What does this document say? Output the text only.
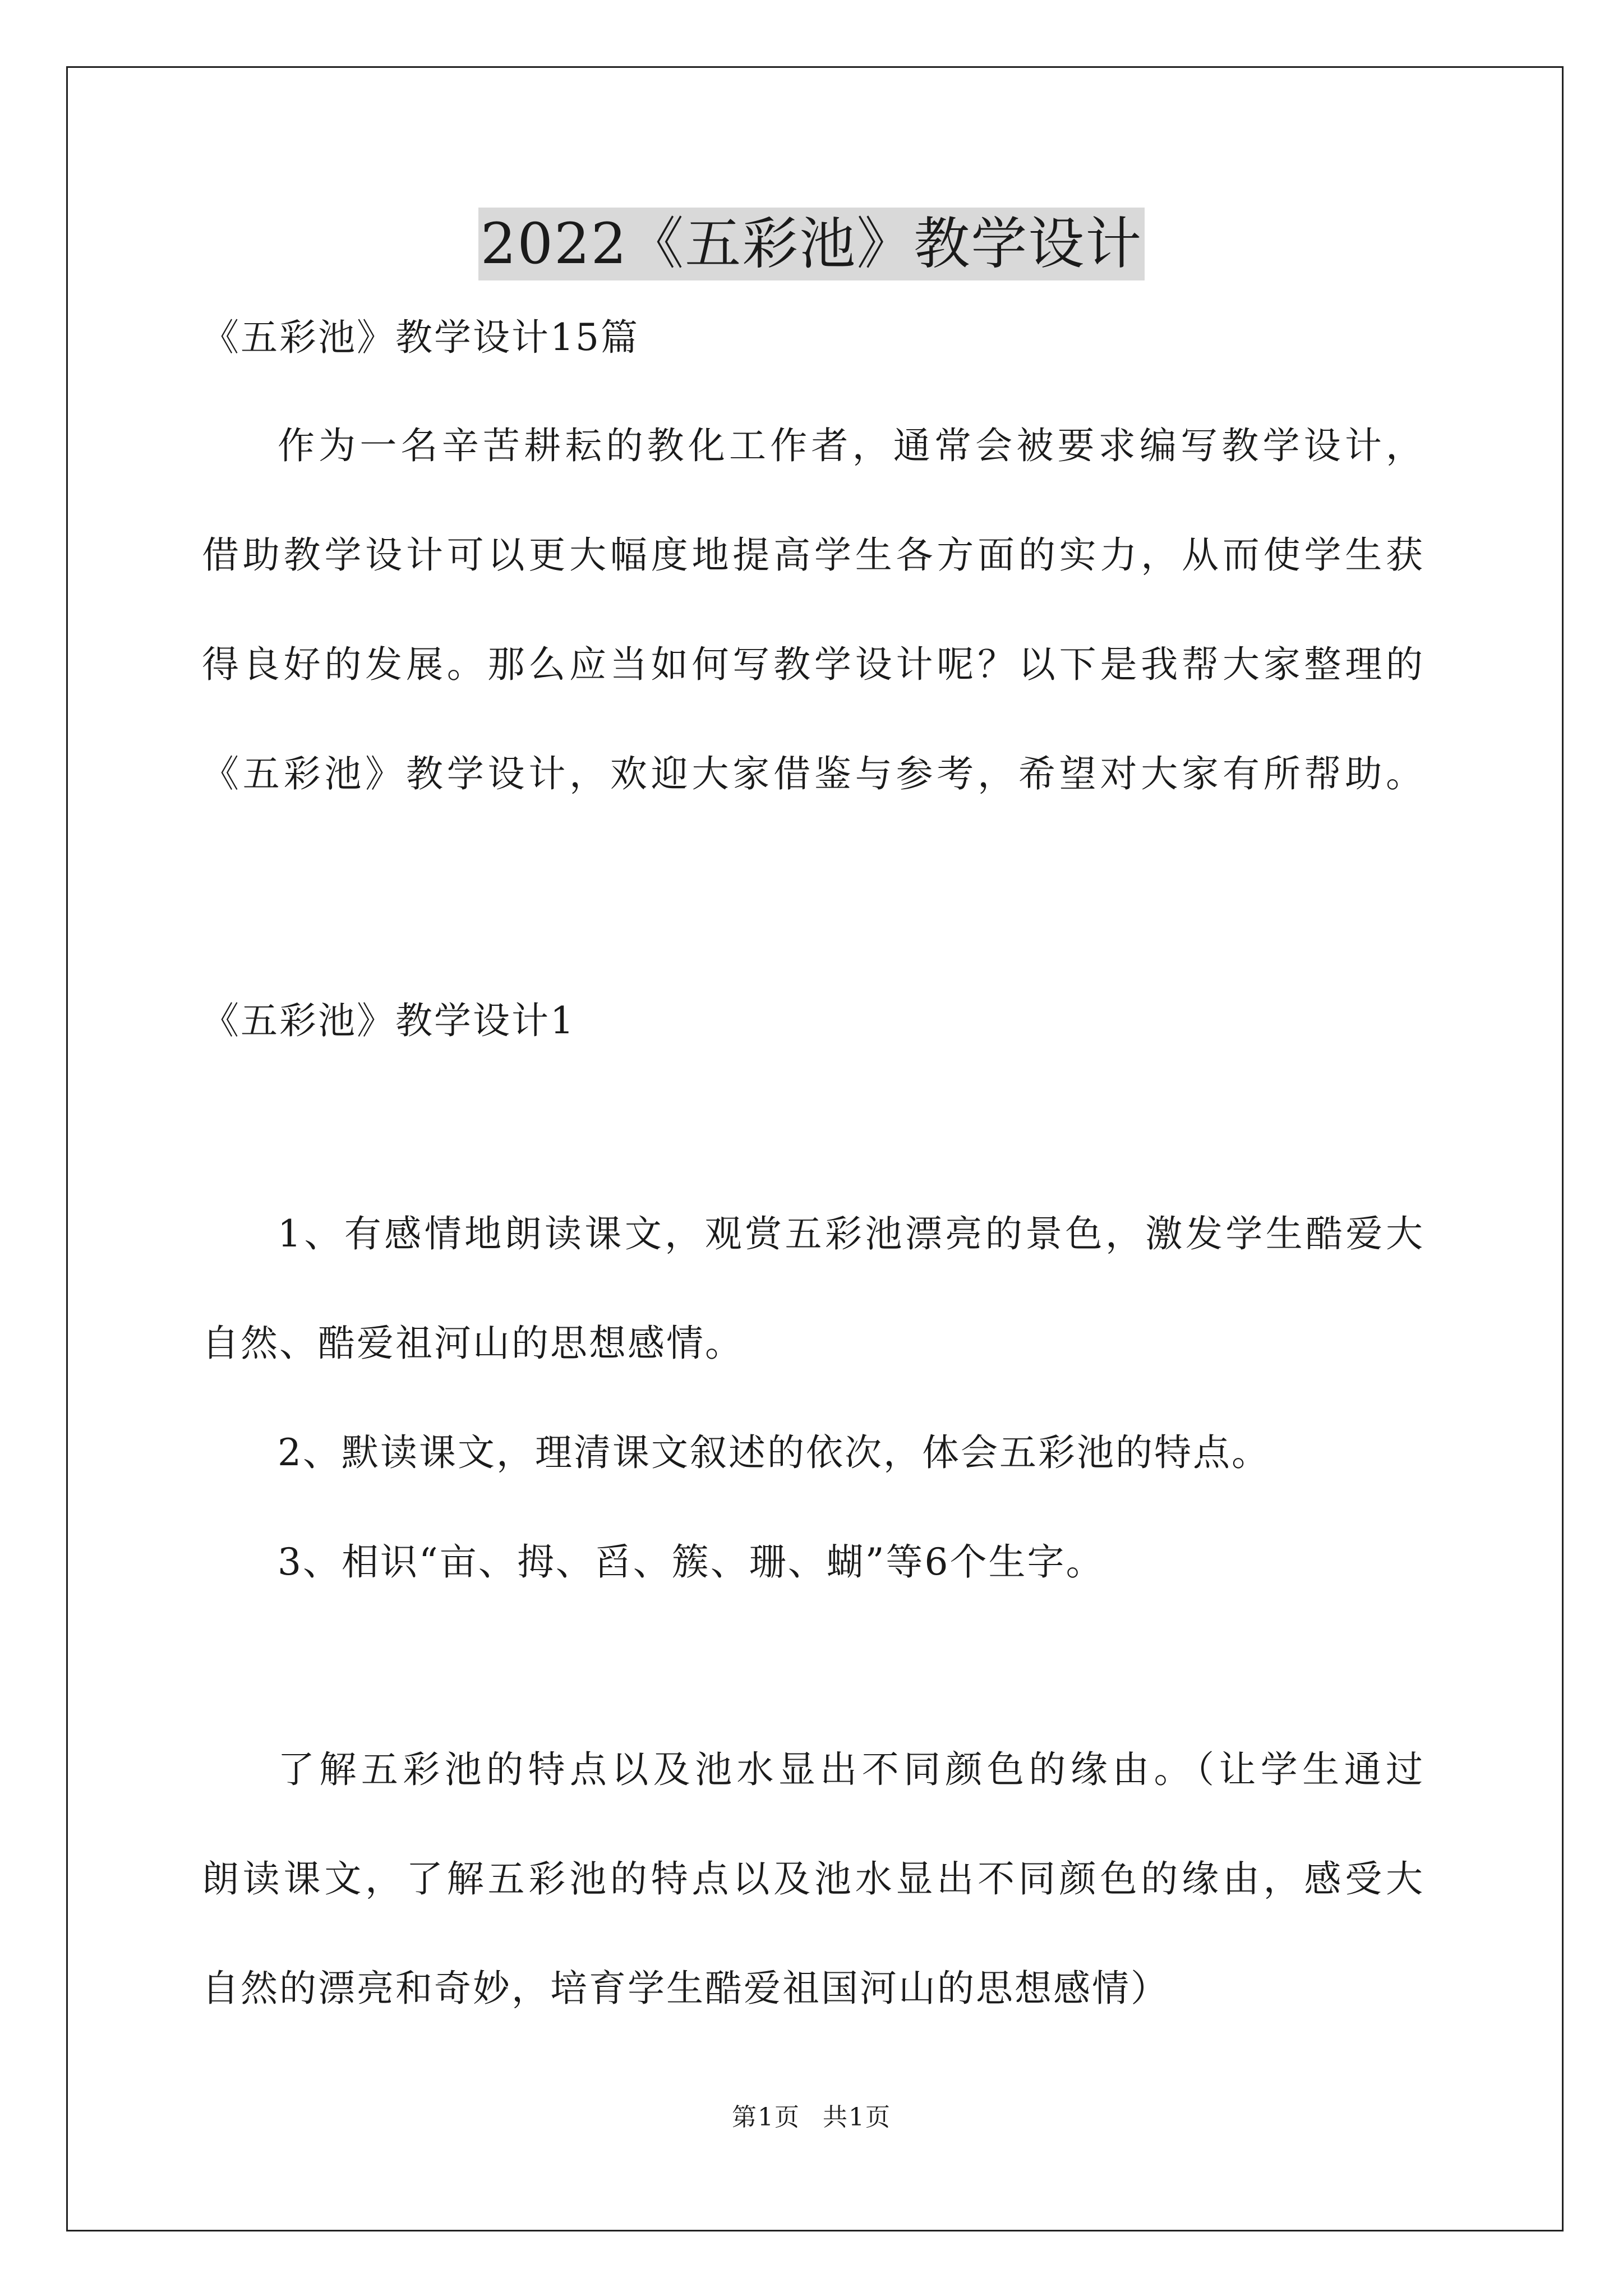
2022《五彩池》教学设计
《五彩池》教学设计15篇
作为一名辛苦耕耘的教化工作者，通常会被要求编写教学设计，
借助教学设计可以更大幅度地提高学生各方面的实力，从而使学生获
得良好的发展。那么应当如何写教学设计呢？以下是我帮大家整理的
《五彩池》教学设计，欢迎大家借鉴与参考，希望对大家有所帮助。
《五彩池》教学设计1
1、有感情地朗读课文，观赏五彩池漂亮的景色，激发学生酷爱大
自然、酷爱祖河山的思想感情。
2、默读课文，理清课文叙述的依次，体会五彩池的特点。
3、相识“亩、拇、舀、簇、珊、蝴”等6个生字。
了解五彩池的特点以及池水显出不同颜色的缘由。（让学生通过
朗读课文，了解五彩池的特点以及池水显出不同颜色的缘由，感受大
自然的漂亮和奇妙，培育学生酷爱祖国河山的思想感情）
第1页 共1页
